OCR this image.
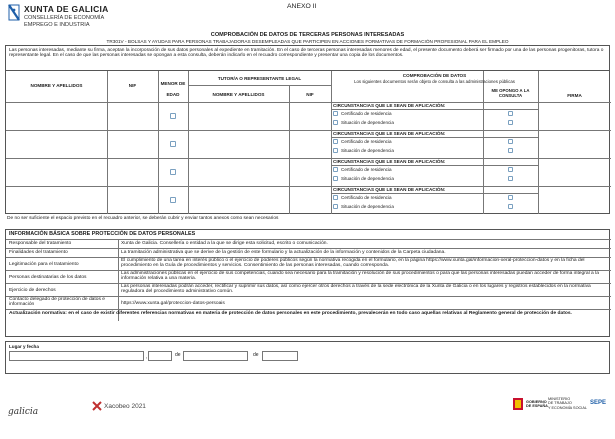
XUNTA DE GALICIA
CONSELLERÍA DE ECONOMÍA
EMPREGO E INDUSTRIA
ANEXO II
COMPROBACIÓN DE DATOS DE TERCERAS PERSONAS INTERESADAS
TR301V - BOLSAS Y AYUDAS PARA PERSONAS TRABAJADORAS DESEMPLEADAS QUE PARTICIPEN EN ACCIONES FORMATIVAS DE FORMACIÓN PROFESIONAL PARA EL EMPLEO
Las personas interesadas, mediante su firma, aceptan la incorporación de sus datos personales al expediente en tramitación. En el caso de terceras personas interesadas menores de edad, el presente documento deberá ser firmado por una de las personas progenitoras, tutora o representante legal. En el caso de que las personas interesadas se opongan a esta consulta, deberán indicarlo en el recuadro correspondiente y presentar una copia de los documentos.
NOMBRE Y APELLIDOS	NIF	MENOR DE
EDAD
TUTOR/A O REPRESENTANTE LEGAL
NOMBRE Y APELLIDOS	NIF
COMPROBACIÓN DE DATOS
Los siguientes documentos serán objeto de consulta a las administraciones públicas
ME OPONGO A LA CONSULTA	FIRMA
CIRCUNSTANCIAS QUE LE SEAN DE APLICACIÓN:
Certificado de residencia
Situación de dependencia
CIRCUNSTANCIAS QUE LE SEAN DE APLICACIÓN:
Certificado de residencia
Situación de dependencia
CIRCUNSTANCIAS QUE LE SEAN DE APLICACIÓN:
Certificado de residencia
Situación de dependencia
CIRCUNSTANCIAS QUE LE SEAN DE APLICACIÓN:
Certificado de residencia
Situación de dependencia
De no ser suficiente el espacio previsto en el recuadro anterior, se deberán cubrir y enviar tantos anexos como sean necesarios
INFORMACIÓN BÁSICA SOBRE PROTECCIÓN DE DATOS PERSONALES
Responsable del tratamiento	Xunta de Galicia. Consellería o entidad a la que se dirige esta solicitud, escrito o comunicación.
Finalidades del tratamiento	La tramitación administrativa que se derive de la gestión de este formulario y la actualización de la información y contenidos de la Carpeta ciudadana.
Legitimación para el tratamiento
El cumplimiento de una tarea en interés público o el ejercicio de poderes públicos según la normativa recogida en el formulario, en la página https://www.xunta.gal/informacion-xeral-proteccion-datos y en la ficha del procedimiento en la Guía de procedimientos y servicios. Consentimiento de las personas interesadas, cuando corresponda.
Personas destinatarias de los datos
Las administraciones públicas en el ejercicio de sus competencias, cuando sea necesario para la tramitación y resolución de sus procedimientos o para que las personas interesadas puedan acceder de forma integral a la información relativa a una materia.
Ejercicio de derechos
Las personas interesadas podrán acceder, rectificar y suprimir sus datos, así como ejercer otros derechos a través de la sede electrónica de la Xunta de Galicia o en los lugares y registros establecidos en la normativa reguladora del procedimiento administrativo común.
Contacto delegado de protección de datos e información	https://www.xunta.gal/proteccion-datos-persoais
Actualización normativa: en el caso de existir diferentes referencias normativas en materia de protección de datos personales en este procedimiento, prevalecerán en todo caso aquellas relativas al Reglamento general de protección de datos.
Lugar y fecha
,	de	de
galicia
Xacobeo 2021
GOBIERNO
DE ESPAÑA
MINISTERIO
DE TRABAJO
Y ECONOMÍA SOCIAL
SEPE
